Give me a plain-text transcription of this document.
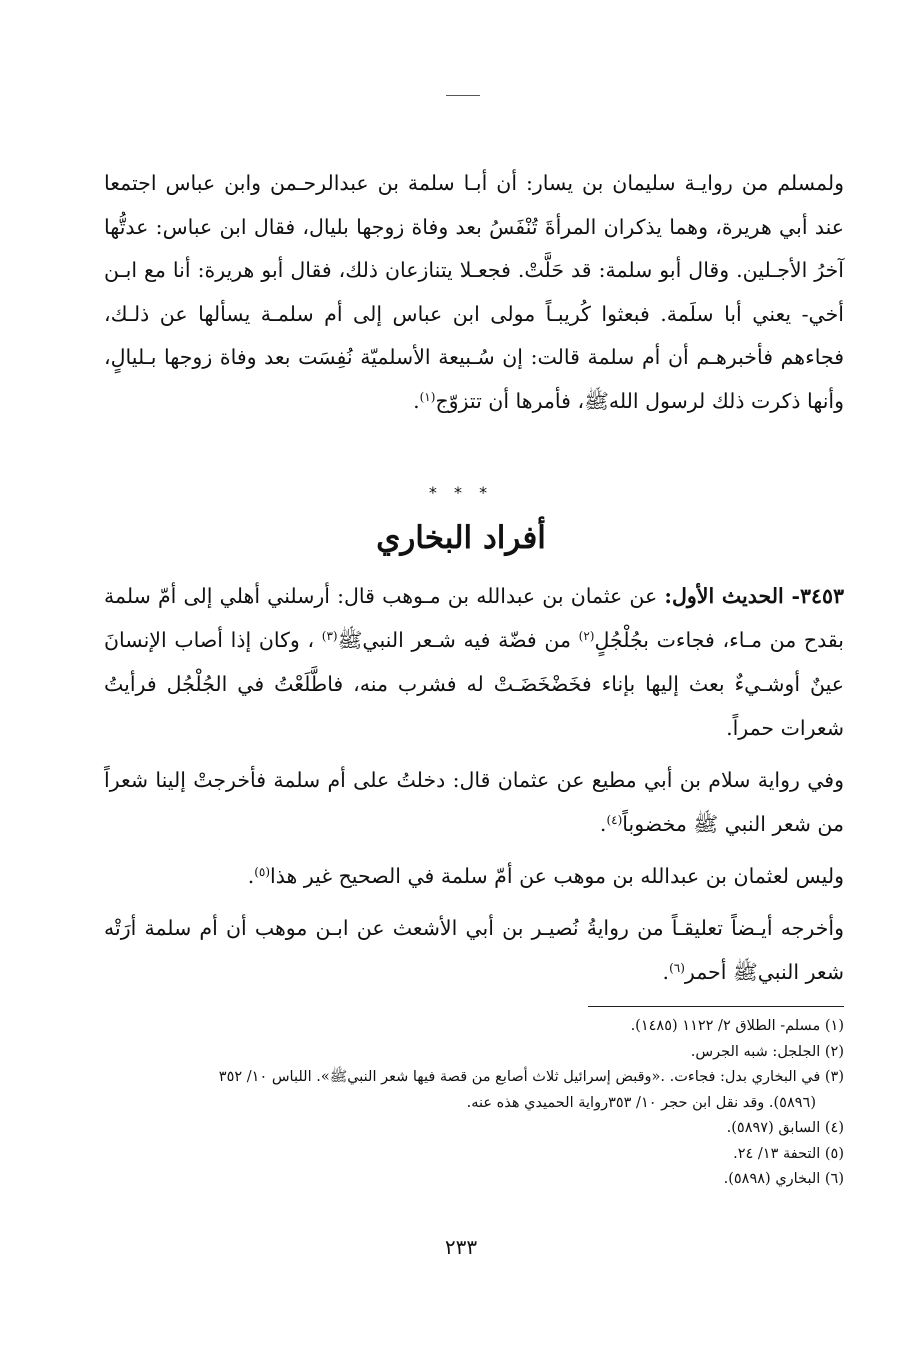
ولمسلم من روايـة سليمان بن يسار: أن أبـا سلمة بن عبدالرحـمن وابن عباس اجتمعا عند أبي هريرة، وهما يذكران المرأةَ تُنْفَسُ بعد وفاة زوجها بليال، فقال ابن عباس: عدتُّها آخرُ الأجـلين. وقال أبو سلمة: قد حَلَّتْ. فجعـلا يتنازعان ذلك، فقال أبو هريرة: أنا مع ابـن أخي- يعني أبا سلَمة. فبعثوا كُريبـاً مولى ابن عباس إلى أم سلمـة يسألها عن ذلـك، فجاءهم فأخبرهـم أن أم سلمة قالت: إن سُـبيعة الأسلميّة نُفِسَت بعد وفاة زوجها بـليالٍ، وأنها ذكرت ذلك لرسول اللهﷺ، فأمرها أن تتزوّج$^{(١)}$.

* * *
أفراد البخاري

٣٤٥٣- الحديث الأول: عن عثمان بن عبدالله بن مـوهب قال: أرسلني أهلي إلى أمّ سلمة بقدح من مـاء، فجاءت بجُلْجُلٍ$^{(٢)}$ من فضّة فيه شـعر النبيﷺ$^{(٣)}$ ، وكان إذا أصاب الإنسانَ عينٌ أوشـيءٌ بعث إليها بإناء فخَضْخَضَـتْ له فشرب منه، فاطَّلَعْتُ في الجُلْجُل فرأيتُ شعرات حمراً.

وفي رواية سلام بن أبي مطيع عن عثمان قال: دخلتُ على أم سلمة فأخرجتْ إلينا شعراً من شعر النبي ﷺ مخضوباً$^{(٤)}$.

وليس لعثمان بن عبدالله بن موهب عن أمّ سلمة في الصحيح غير هذا$^{(٥)}$.

وأخرجه أيـضاً تعليقـاً من روايةُ نُصيـر بن أبي الأشعث عن ابـن موهب أن أم سلمة أرَتْه شعر النبيﷺ أحمر$^{(٦)}$.

(١) مسلم- الطلاق ٢/ ١١٢٢ (١٤٨٥).

(٢) الجلجل: شبه الجرس.

(٣) في البخاري بدل: فجاءت. .«وقبض إسرائيل ثلاث أصابع من قصة فيها شعر النبيﷺ». اللباس ١٠/ ٣٥٢

(٥٨٩٦). وقد نقل ابن حجر ١٠/ ٣٥٣رواية الحميدي هذه عنه.

(٤) السابق (٥٨٩٧).

(٥) التحفة ١٣/ ٢٤.

(٦) البخاري (٥٨٩٨).

٢٣٣
